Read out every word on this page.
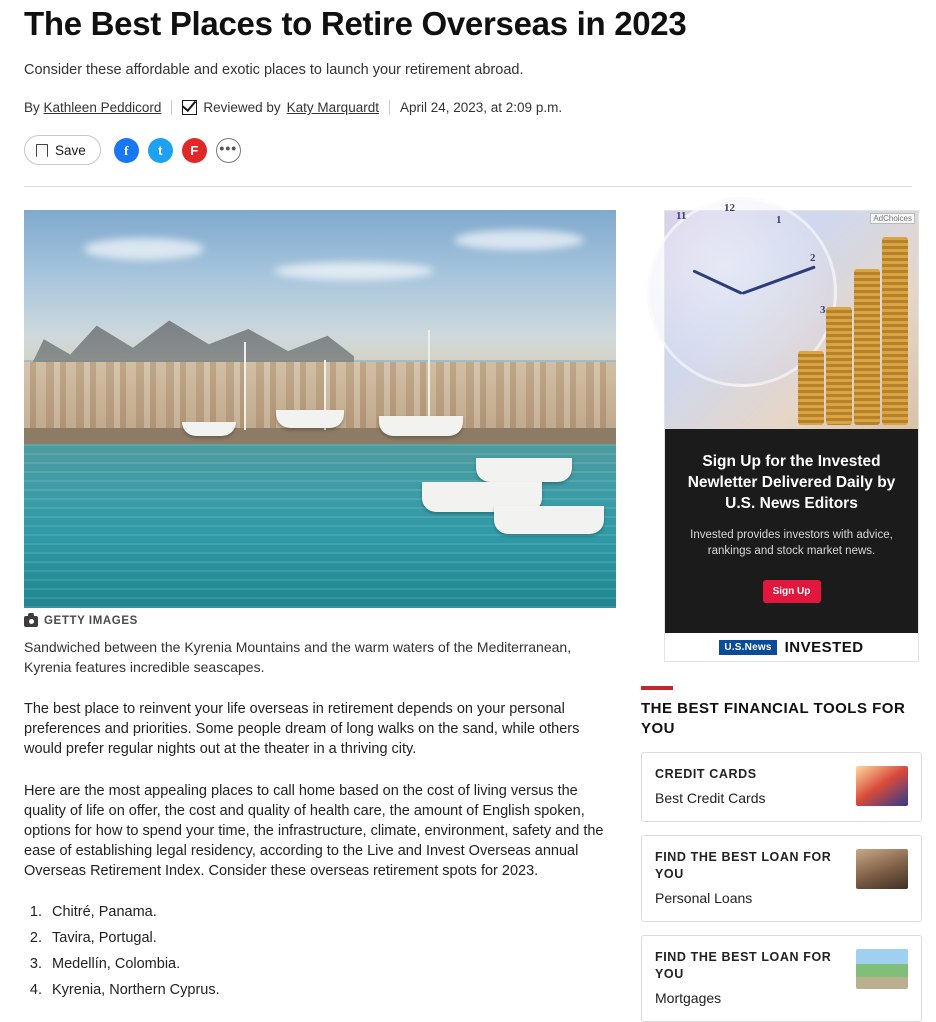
The Best Places to Retire Overseas in 2023

Consider these affordable and exotic places to launch your retirement abroad.

By
Kathleen Peddicord	Reviewed by Katy Marquardt April 24, 2023, at 2:09 p.m.
Save	f	t	F	•••
GETTY IMAGES

Sandwiched between the Kyrenia Mountains and the warm waters of the Mediterranean, Kyrenia features incredible seascapes.

The best place to reinvent your life overseas in retirement depends on your personal preferences and priorities. Some people dream of long walks on the sand, while others would prefer regular nights out at the theater in a thriving city.

Here are the most appealing places to call home based on the cost of living versus the quality of life on offer, the cost and quality of health care, the amount of English spoken, options for how to spend your time, the infrastructure, climate, environment, safety and the ease of establishing legal residency, according to the Live and Invest Overseas annual Overseas Retirement Index. Consider these overseas retirement spots for 2023.

1. Chitré, Panama.
2. Tavira, Portugal.
3. Medellín, Colombia.
4. Kyrenia, Northern Cyprus.
11
12
1
2
3
AdChoices
Sign Up for the Invested Newletter Delivered Daily by U.S. News Editors
Invested provides investors with advice, rankings and stock market news.
Sign Up
U.S.News INVESTED
THE BEST FINANCIAL TOOLS FOR YOU
CREDIT CARDS
Best Credit Cards
FIND THE BEST LOAN FOR YOU
Personal Loans
FIND THE BEST LOAN FOR YOU
Mortgages
